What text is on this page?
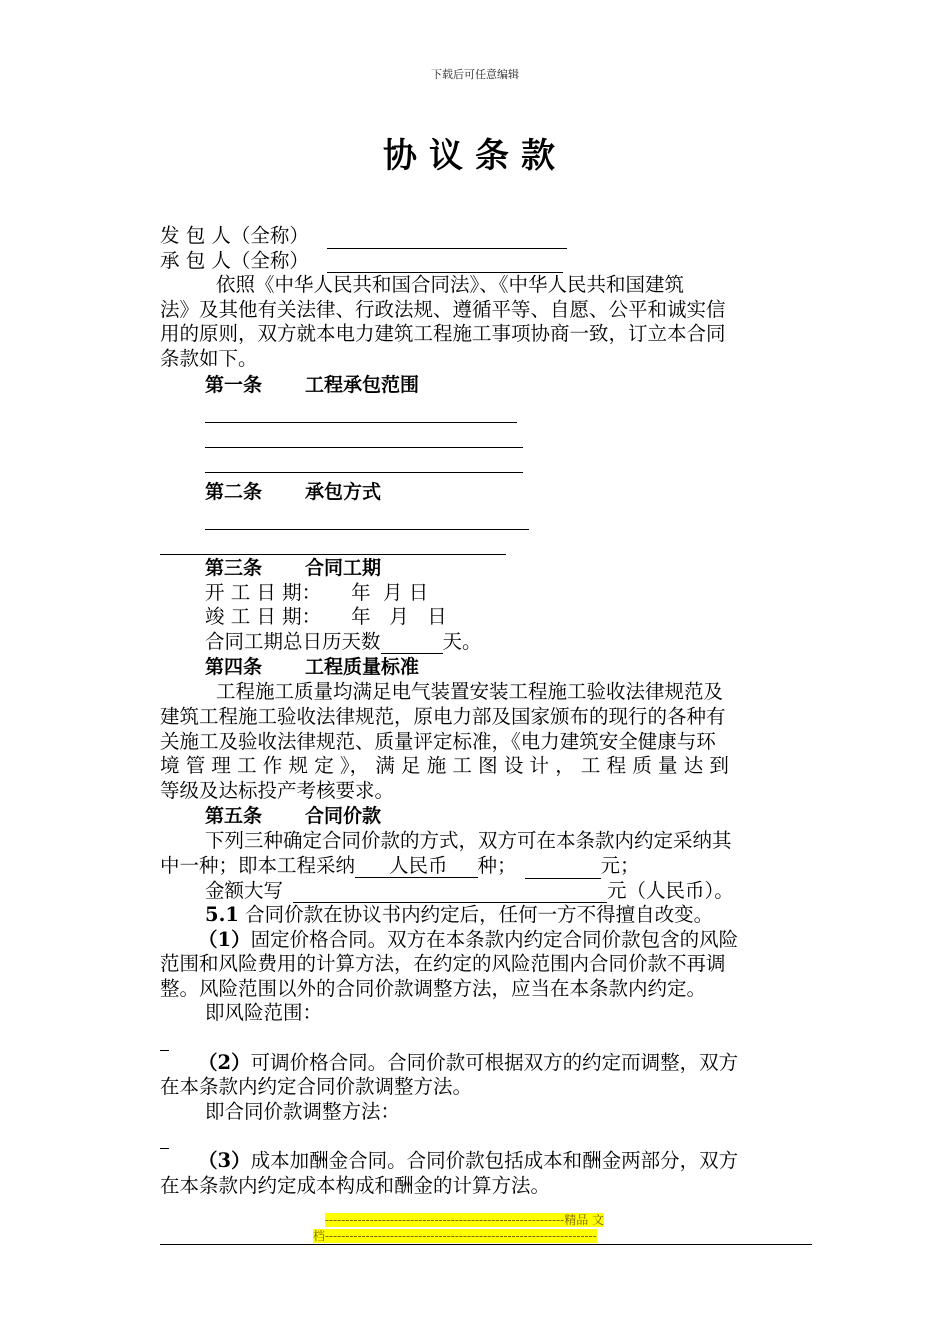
下载后可任意编辑
协议条款
发 包 人（全称）
承 包 人（全称）
依照《中华人民共和国合同法》、《中华人民共和国建筑
法》及其他有关法律、行政法规、遵循平等、自愿、公平和诚实信
用的原则，双方就本电力建筑工程施工事项协商一致，订立本合同
条款如下。
第一条 工程承包范围
第二条 承包方式
第三条 合同工期
开 工 日 期： 年  月 日
竣 工 日 期： 年   月   日
合同工期总日历天数	天。
第四条 工程质量标准
工程施工质量均满足电气装置安装工程施工验收法律规范及
建筑工程施工验收法律规范，原电力部及国家颁布的现行的各种有
关施工及验收法律规范、质量评定标准，《电力建筑安全健康与环
境 管 理 工 作 规 定 》， 满 足 施 工 图 设 计 ， 工 程 质 量 达 到
等级及达标投产考核要求。
第五条 合同价款
下列三种确定合同价款的方式，双方可在本条款内约定采纳其
中一种；即本工程采纳 人民币 种；	元；
金额大写	元（人民币）。
5.1 合同价款在协议书内约定后，任何一方不得擅自改变。
（1）固定价格合同。双方在本条款内约定合同价款包含的风险
范围和风险费用的计算方法，在约定的风险范围内合同价款不再调
整。风险范围以外的合同价款调整方法，应当在本条款内约定。
即风险范围：
（2）可调价格合同。合同价款可根据双方的约定而调整，双方
在本条款内约定合同价款调整方法。
即合同价款调整方法：
（3）成本加酬金合同。合同价款包括成本和酬金两部分，双方
在本条款内约定成本构成和酬金的计算方法。
-----------------------------------------------------------精品 文
档-------------------------------------------------------------------
